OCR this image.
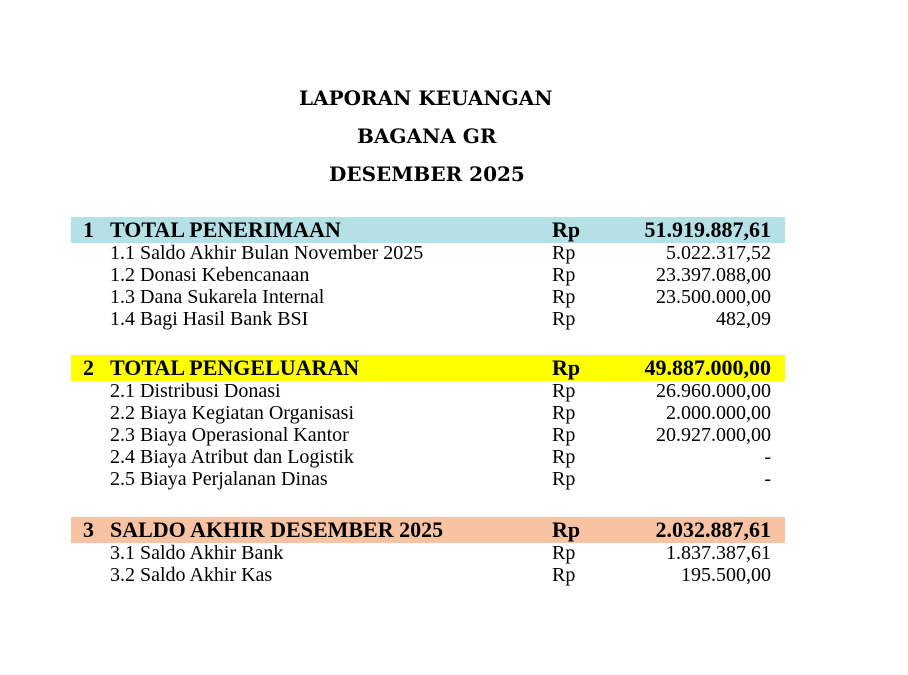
LAPORAN KEUANGAN
BAGANA GR
DESEMBER 2025
1 TOTAL PENERIMAAN	Rp	51.919.887,61
1.1 Saldo Akhir Bulan November 2025	Rp	5.022.317,52
1.2 Donasi Kebencanaan	Rp	23.397.088,00
1.3 Dana Sukarela Internal	Rp	23.500.000,00
1.4 Bagi Hasil Bank BSI	Rp	482,09
2 TOTAL PENGELUARAN	Rp	49.887.000,00
2.1 Distribusi Donasi	Rp	26.960.000,00
2.2 Biaya Kegiatan Organisasi	Rp	2.000.000,00
2.3 Biaya Operasional Kantor	Rp	20.927.000,00
2.4 Biaya Atribut dan Logistik	Rp	-
2.5 Biaya Perjalanan Dinas	Rp	-
3 SALDO AKHIR DESEMBER 2025	Rp	2.032.887,61
3.1 Saldo Akhir Bank	Rp	1.837.387,61
3.2 Saldo Akhir Kas	Rp	195.500,00
